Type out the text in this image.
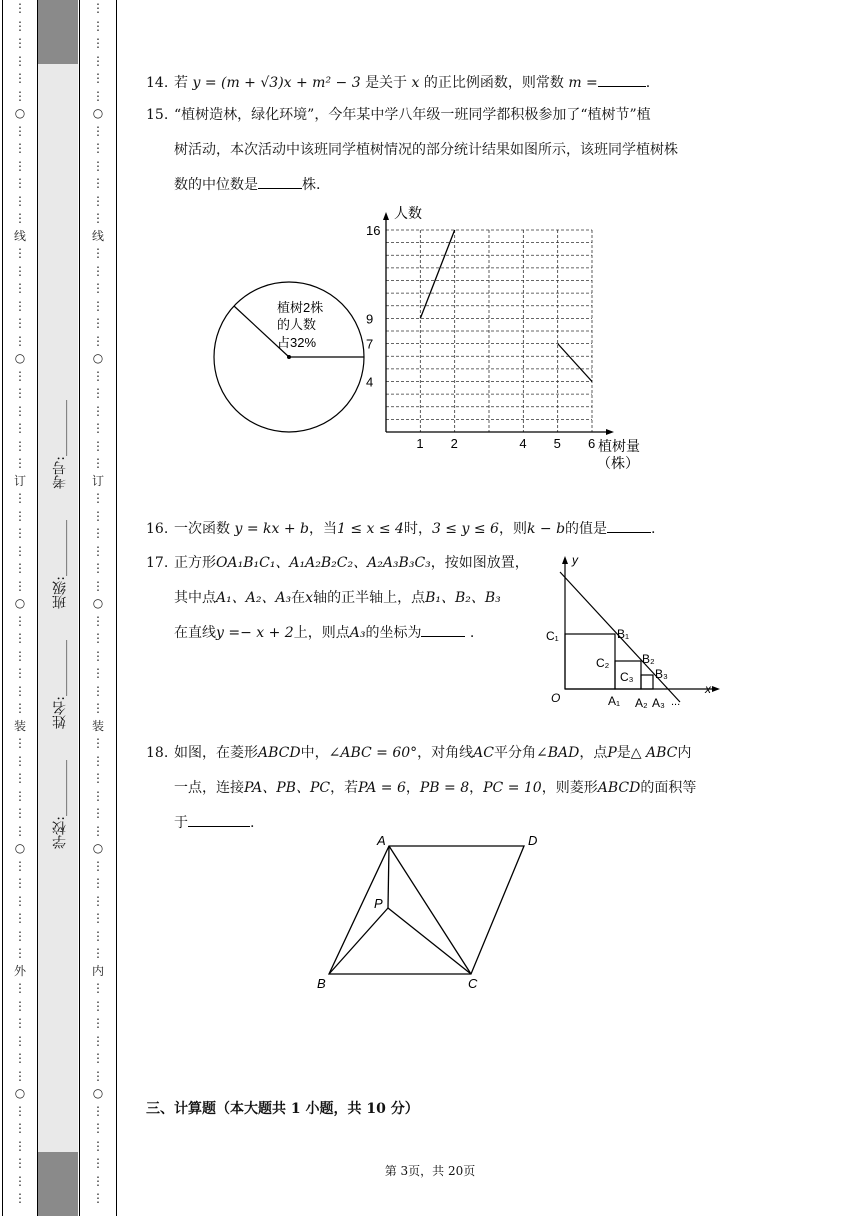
⋮
⋮
⋮
⋮
⋮
⋮
○
⋮
⋮
⋮
⋮
⋮
⋮
线
⋮
⋮
⋮
⋮
⋮
⋮
○
⋮
⋮
⋮
⋮
⋮
⋮
订
⋮
⋮
⋮
⋮
⋮
⋮
○
⋮
⋮
⋮
⋮
⋮
⋮
装
⋮
⋮
⋮
⋮
⋮
⋮
○
⋮
⋮
⋮
⋮
⋮
⋮
外
⋮
⋮
⋮
⋮
⋮
⋮
○
⋮
⋮
⋮
⋮
⋮
⋮
⋮
⋮
⋮
⋮
⋮
⋮
○
⋮
⋮
⋮
⋮
⋮
⋮
线
⋮
⋮
⋮
⋮
⋮
⋮
○
⋮
⋮
⋮
⋮
⋮
⋮
订
⋮
⋮
⋮
⋮
⋮
⋮
○
⋮
⋮
⋮
⋮
⋮
⋮
装
⋮
⋮
⋮
⋮
⋮
⋮
○
⋮
⋮
⋮
⋮
⋮
⋮
内
⋮
⋮
⋮
⋮
⋮
⋮
○
⋮
⋮
⋮
⋮
⋮
⋮
学校:________
姓名:________
班级:________
考号:________
14. 若 y = (m + √3)x + m² − 3 是关于 x 的正比例函数，则常数 m =	.
15. “植树造林，绿化环境”，今年某中学八年级一班同学都积极参加了“植树节”植
树活动，本次活动中该班同学植树情况的部分统计结果如图所示，该班同学植树株
数的中位数是	株.
植树2株
的人数
占32%
1 2	4 5 6
4
7
9
16
人数
植树量
（株）
16. 一次函数 y = kx + b，当1 ≤ x ≤ 4时，3 ≤ y ≤ 6，则k − b的值是	.
17. 正方形OA₁B₁C₁、A₁A₂B₂C₂、A₂A₃B₃C₃，按如图放置，
其中点A₁、A₂、A₃在x轴的正半轴上，点B₁、B₂、B₃
在直线y =− x + 2上，则点A₃的坐标为	.
y
x
O
C₁	B₁
C₂	B₂
C₃ B₃
A₁ A₂ A₃ ...
18. 如图，在菱形ABCD中，∠ABC = 60°，对角线AC平分角∠BAD，点P是△ ABC内
一点，连接PA、PB、PC，若PA = 6，PB = 8，PC = 10，则菱形ABCD的面积等
于	.
A	D
P
B	C
三、计算题（本大题共 1 小题，共 10 分）
第 3页，共 20页
